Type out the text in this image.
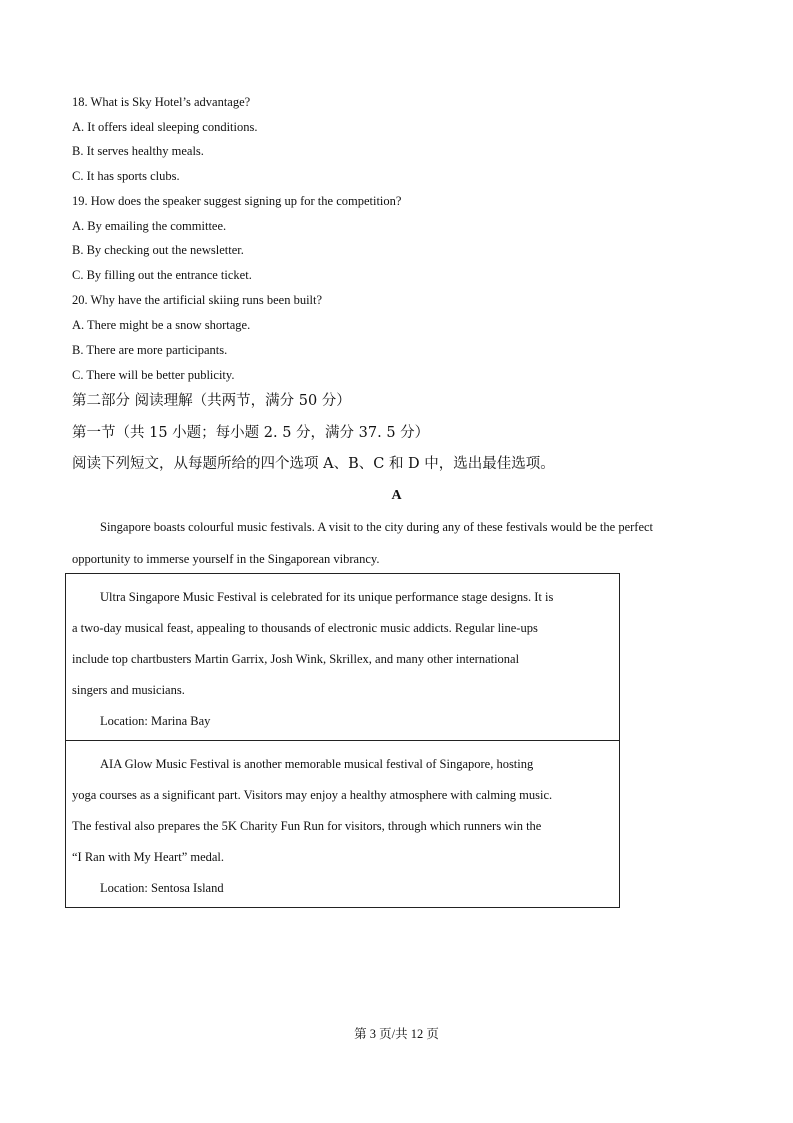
18. What is Sky Hotel’s advantage?
A. It offers ideal sleeping conditions.
B. It serves healthy meals.
C. It has sports clubs.
19. How does the speaker suggest signing up for the competition?
A. By emailing the committee.
B. By checking out the newsletter.
C. By filling out the entrance ticket.
20. Why have the artificial skiing runs been built?
A. There might be a snow shortage.
B. There are more participants.
C. There will be better publicity.
第二部分 阅读理解（共两节，满分 50 分）
第一节（共 15 小题；每小题 2. 5 分，满分 37. 5 分）
阅读下列短文，从每题所给的四个选项 A、B、C 和 D 中，选出最佳选项。
A
Singapore boasts colourful music festivals. A visit to the city during any of these festivals would be the perfect
opportunity to immerse yourself in the Singaporean vibrancy.
Ultra Singapore Music Festival is celebrated for its unique performance stage designs. It is
a two-day musical feast, appealing to thousands of electronic music addicts. Regular line-ups
include top chartbusters Martin Garrix, Josh Wink, Skrillex, and many other international
singers and musicians.
Location: Marina Bay
AIA Glow Music Festival is another memorable musical festival of Singapore, hosting
yoga courses as a significant part. Visitors may enjoy a healthy atmosphere with calming music.
The festival also prepares the 5K Charity Fun Run for visitors, through which runners win the
“I Ran with My Heart” medal.
Location: Sentosa Island
第 3 页/共 12 页
